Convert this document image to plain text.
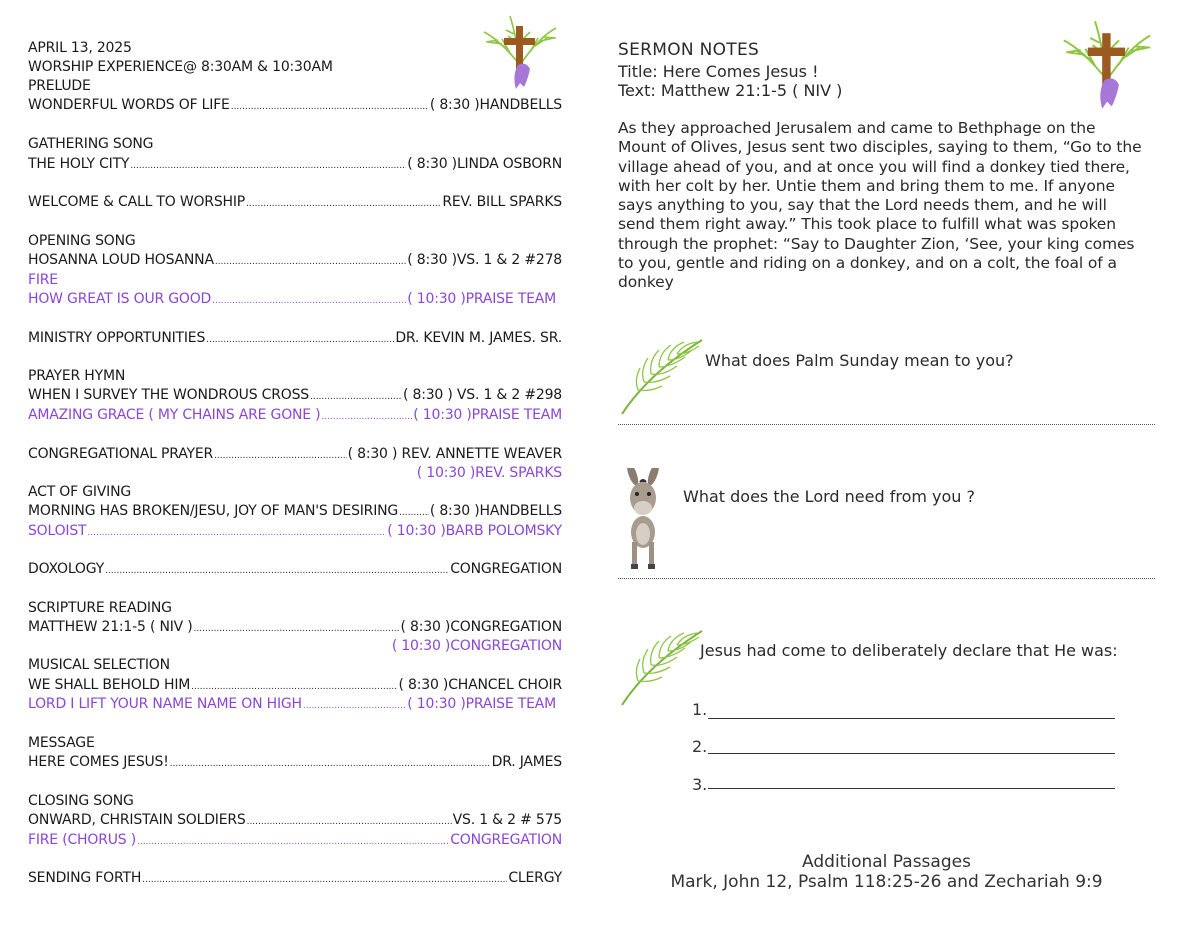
APRIL 13, 2025
WORSHIP EXPERIENCE@ 8:30AM & 10:30AM
PRELUDE
WONDERFUL WORDS OF LIFE .....	( 8:30 )HANDBELLS
GATHERING SONG
THE HOLY CITY .....	( 8:30 )LINDA OSBORN
WELCOME & CALL TO WORSHIP .....	REV. BILL SPARKS
OPENING SONG
HOSANNA LOUD HOSANNA .....	( 8:30 )VS. 1 & 2 #278
FIRE
HOW GREAT IS OUR GOOD .....	( 10:30 )PRAISE TEAM
MINISTRY OPPORTUNITIES .....	DR. KEVIN M. JAMES. SR.
PRAYER HYMN
WHEN I SURVEY THE WONDROUS CROSS .....	( 8:30 ) VS. 1 & 2 #298
AMAZING GRACE ( MY CHAINS ARE GONE ) .....	( 10:30 )PRAISE TEAM
CONGREGATIONAL PRAYER .....	( 8:30 ) REV. ANNETTE WEAVER
( 10:30 )REV. SPARKS
ACT OF GIVING
MORNING HAS BROKEN/JESU, JOY OF MAN'S DESIRING ..... ( 8:30 )HANDBELLS
SOLOIST .....	( 10:30 )BARB POLOMSKY
DOXOLOGY .....	CONGREGATION
SCRIPTURE READING
MATTHEW 21:1-5 ( NIV ) .....	( 8:30 )CONGREGATION
( 10:30 )CONGREGATION
MUSICAL SELECTION
WE SHALL BEHOLD HIM .....	( 8:30 )CHANCEL CHOIR
LORD I LIFT YOUR NAME NAME ON HIGH .....	( 10:30 )PRAISE TEAM
MESSAGE
HERE COMES JESUS! .....	DR. JAMES
CLOSING SONG
ONWARD, CHRISTAIN SOLDIERS .....	VS. 1 & 2 # 575
FIRE (CHORUS ) .....	CONGREGATION
SENDING FORTH .....	CLERGY
SERMON NOTES
Title: Here Comes Jesus !
Text: Matthew 21:1-5 ( NIV )
As they approached Jerusalem and came to Bethphage on the Mount of Olives, Jesus sent two disciples, saying to them, “Go to the village ahead of you, and at once you will find a donkey tied there, with her colt by her. Untie them and bring them to me. If anyone says anything to you, say that the Lord needs them, and he will send them right away.” This took place to fulfill what was spoken through the prophet: “Say to Daughter Zion, ‘See, your king comes to you, gentle and riding on a donkey, and on a colt, the foal of a donkey
What does Palm Sunday mean to you?
What does the Lord need from you ?
Jesus had come to deliberately declare that He was:
1.
2.
3.
Additional Passages
Mark, John 12, Psalm 118:25-26 and Zechariah 9:9
